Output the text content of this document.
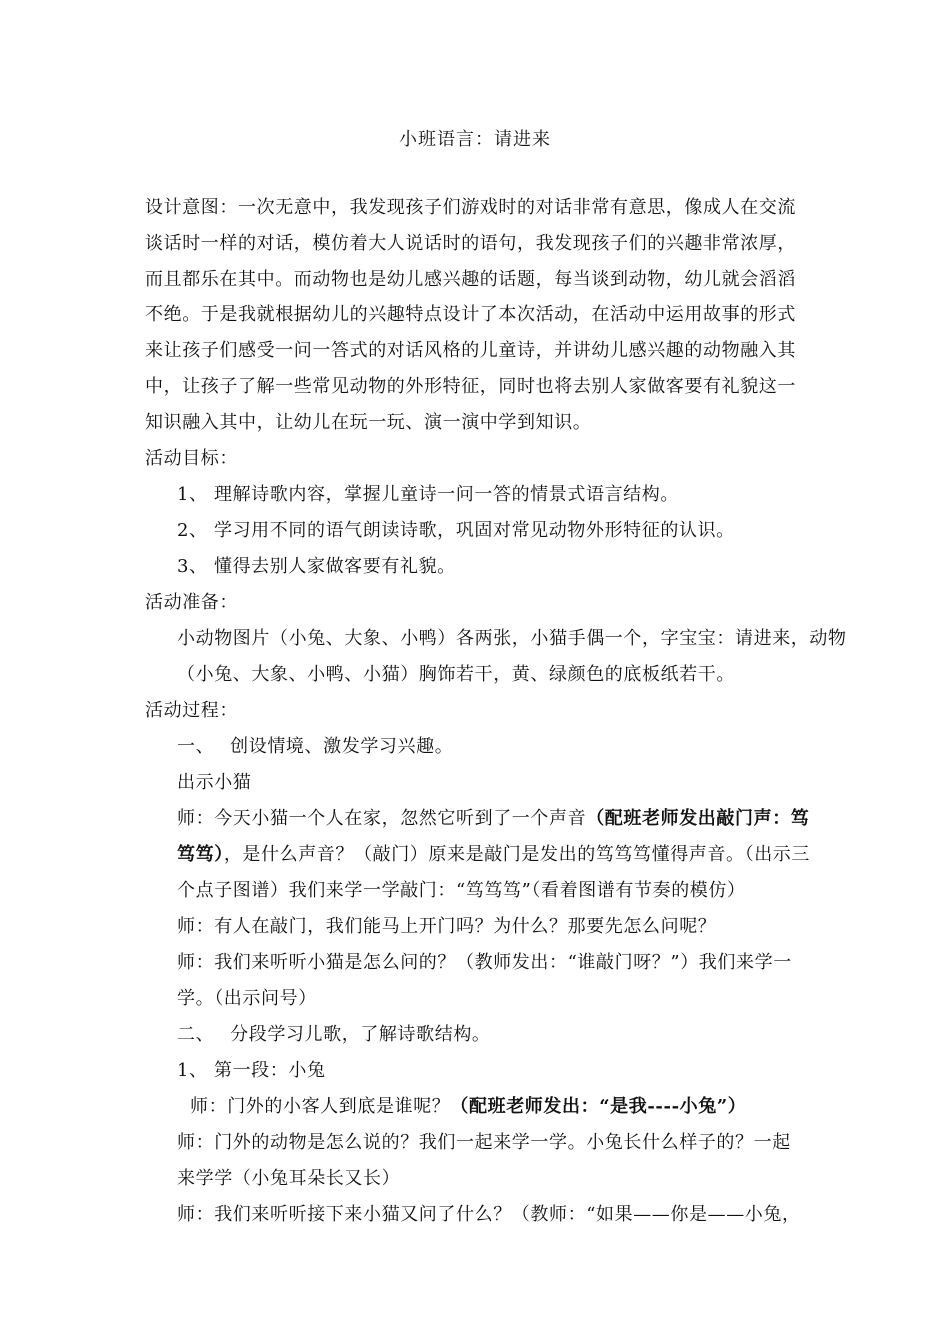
小班语言：请进来
设计意图：一次无意中，我发现孩子们游戏时的对话非常有意思，像成人在交流
谈话时一样的对话，模仿着大人说话时的语句，我发现孩子们的兴趣非常浓厚，
而且都乐在其中。而动物也是幼儿感兴趣的话题，每当谈到动物，幼儿就会滔滔
不绝。于是我就根据幼儿的兴趣特点设计了本次活动，在活动中运用故事的形式
来让孩子们感受一问一答式的对话风格的儿童诗，并讲幼儿感兴趣的动物融入其
中，让孩子了解一些常见动物的外形特征，同时也将去别人家做客要有礼貌这一
知识融入其中，让幼儿在玩一玩、演一演中学到知识。
活动目标：
1、 理解诗歌内容，掌握儿童诗一问一答的情景式语言结构。
2、 学习用不同的语气朗读诗歌，巩固对常见动物外形特征的认识。
3、 懂得去别人家做客要有礼貌。
活动准备：
小动物图片（小兔、大象、小鸭）各两张，小猫手偶一个，字宝宝：请进来，动物
（小兔、大象、小鸭、小猫）胸饰若干，黄、绿颜色的底板纸若干。
活动过程：
一、　 创设情境、激发学习兴趣。
出示小猫
师：今天小猫一个人在家，忽然它听到了一个声音（配班老师发出敲门声：笃
笃笃），是什么声音？（敲门）原来是敲门是发出的笃笃笃懂得声音。（出示三
个点子图谱）我们来学一学敲门：“笃笃笃”（看着图谱有节奏的模仿）
师：有人在敲门，我们能马上开门吗？为什么？那要先怎么问呢？
师：我们来听听小猫是怎么问的？（教师发出：“谁敲门呀？”）我们来学一
学。（出示问号）
二、　 分段学习儿歌，了解诗歌结构。
1、 第一段：小兔
师：门外的小客人到底是谁呢？（配班老师发出：“是我----小兔”）
师：门外的动物是怎么说的？我们一起来学一学。小兔长什么样子的？一起
来学学（小兔耳朵长又长）
师：我们来听听接下来小猫又问了什么？（教师：“如果——你是——小兔，
